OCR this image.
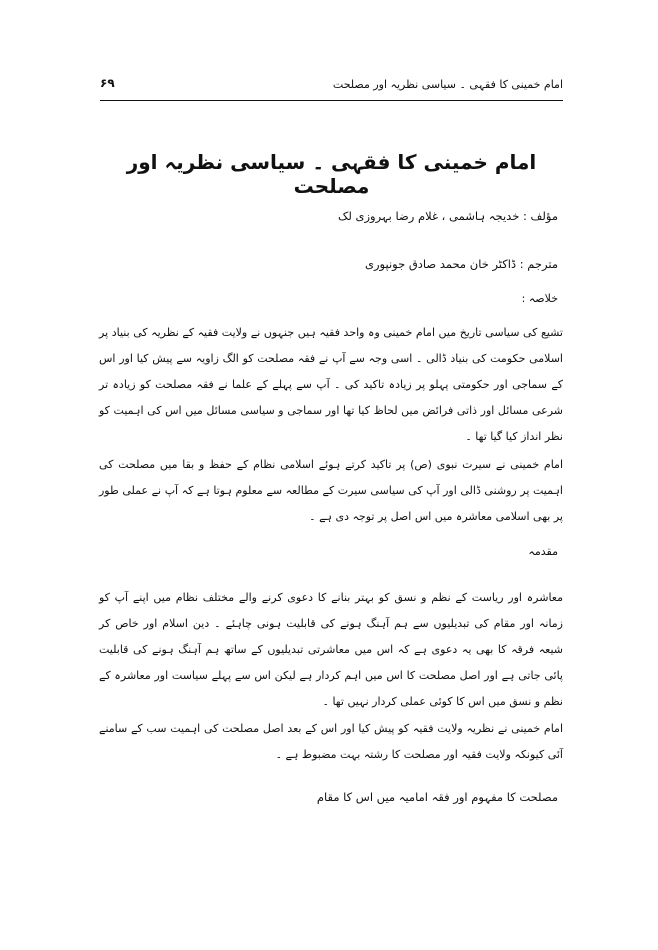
امام خمینی کا فقہی ۔ سیاسی نظریہ اور مصلحت
۶۹
امام خمینی کا فقہی ۔ سیاسی نظریہ اور مصلحت
مؤلف : خدیجہ ہاشمی ، غلام رضا بہروزی لک
مترجم : ڈاکٹر خان محمد صادق جونپوری
خلاصہ :
تشیع کی سیاسی تاریخ میں امام خمینی وہ واحد فقیہ ہیں جنہوں نے ولایت فقیہ کے نظریہ کی بنیاد پر اسلامی حکومت کی بنیاد ڈالی ۔ اسی وجہ سے آپ نے فقہ مصلحت کو الگ زاویہ سے پیش کیا اور اس کے سماجی اور حکومتی پہلو پر زیادہ تاکید کی ۔ آپ سے پہلے کے علما نے فقہ مصلحت کو زیادہ تر شرعی مسائل اور ذاتی فرائض میں لحاظ کیا تھا اور سماجی و سیاسی مسائل میں اس کی اہمیت کو نظر انداز کیا گیا تھا ۔
امام خمینی نے سیرت نبوی (ص) پر تاکید کرتے ہوئے اسلامی نظام کے حفظ و بقا میں مصلحت کی اہمیت پر روشنی ڈالی اور آپ کی سیاسی سیرت کے مطالعہ سے معلوم ہوتا ہے کہ آپ نے عملی طور پر بھی اسلامی معاشرہ میں اس اصل پر توجہ دی ہے ۔
مقدمہ
معاشرہ اور ریاست کے نظم و نسق کو بہتر بنانے کا دعوی کرنے والے مختلف نظام میں اپنے آپ کو زمانہ اور مقام کی تبدیلیوں سے ہم آہنگ ہونے کی قابلیت ہونی چاہئے ۔ دین اسلام اور خاص کر شیعہ فرقہ کا بھی یہ دعوی ہے کہ اس میں معاشرتی تبدیلیوں کے ساتھ ہم آہنگ ہونے کی قابلیت پائی جاتی ہے اور اصل مصلحت کا اس میں اہم کردار ہے لیکن اس سے پہلے سیاست اور معاشرہ کے نظم و نسق میں اس کا کوئی عملی کردار نہیں تھا ۔
امام خمینی نے نظریہ ولایت فقیہ کو پیش کیا اور اس کے بعد اصل مصلحت کی اہمیت سب کے سامنے آئی کیونکہ ولایت فقیہ اور مصلحت کا رشتہ بہت مضبوط ہے ۔
مصلحت کا مفہوم اور فقہ امامیہ میں اس کا مقام
